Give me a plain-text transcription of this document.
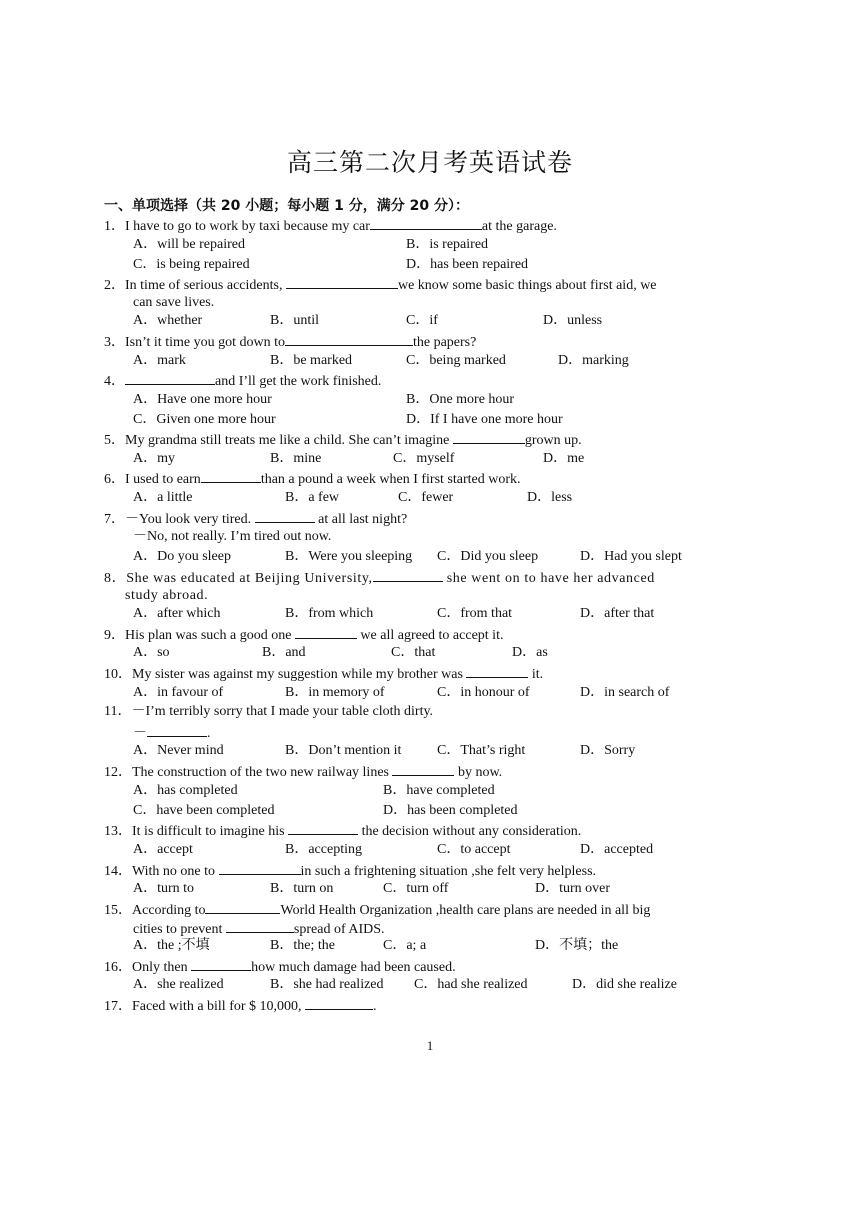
高三第二次月考英语试卷
一、单项选择（共 20 小题；每小题 1 分，满分 20 分）：
1．I have to go to work by taxi because my car	at the garage.
A．will be repaired	B．is repaired
C．is being repaired	D．has been repaired
2．In time of serious accidents,	we know some basic things about first aid, we
can save lives.
A．whether	B．until	C．if	D．unless
3．Isn’t it time you got down to	the papers?
A．mark	B．be marked	C．being marked	D．marking
4．	and I’ll get the work finished.
A．Have one more hour	B．One more hour
C．Given one more hour	D．If I have one more hour
5．My grandma still treats me like a child. She can’t imagine	grown up.
A．my	B．mine	C．myself	D．me
6．I used to earn	than a pound a week when I first started work.
A．a little	B．a few	C．fewer	D．less
7．－You look very tired.	at all last night?
－No, not really. I’m tired out now.
A．Do you sleep	B．Were you sleeping C．Did you sleep	D．Had you slept
8．She was educated at Beijing University,	she went on to have her advanced
study abroad.
A．after which	B．from which	C．from that	D．after that
9．His plan was such a good one	we all agreed to accept it.
A．so	B．and	C．that	D．as
10．My sister was against my suggestion while my brother was	it.
A．in favour of	B．in memory of	C．in honour of	D．in search of
11．－I’m terribly sorry that I made your table cloth dirty.
－	.
A．Never mind	B．Don’t mention it	C．That’s right	D．Sorry
12．The construction of the two new railway lines	by now.
A．has completed	B．have completed
C．have been completed	D．has been completed
13．It is difficult to imagine his	the decision without any consideration.
A．accept	B．accepting	C．to accept	D．accepted
14．With no one to	in such a frightening situation ,she felt very helpless.
A．turn to	B．turn on	C．turn off	D．turn over
15．According to	World Health Organization ,health care plans are needed in all big
cities to prevent	spread of AIDS.
A．the ;不填	B．the; the	C．a; a	D．不填；the
16．Only then	how much damage had been caused.
A．she realized	B．she had realized C．had she realized	D．did she realize
17．Faced with a bill for $ 10,000,	.
1
